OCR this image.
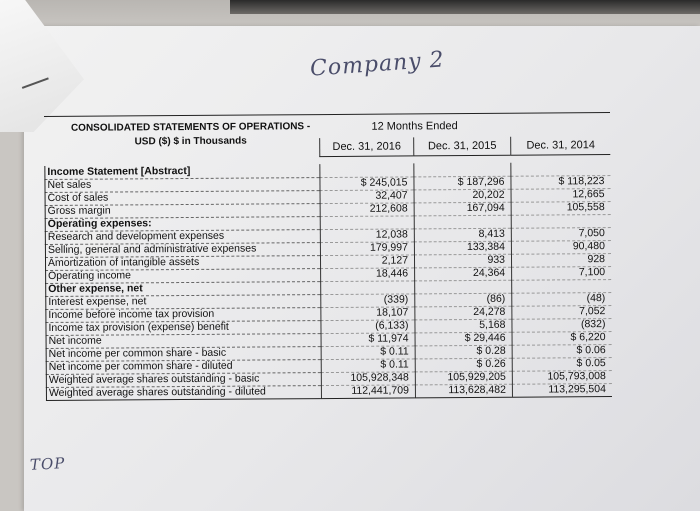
Company 2
CONSOLIDATED STATEMENTS OF OPERATIONS -
USD ($) $ in Thousands
12 Months Ended
Dec. 31, 2016	Dec. 31, 2015	Dec. 31, 2014
Income Statement [Abstract]
Net sales	$ 245,015	$ 187,296	$ 118,223
Cost of sales	32,407	20,202	12,665
Gross margin	212,608	167,094	105,558
Operating expenses:
Research and development expenses	12,038	8,413	7,050
Selling, general and administrative expenses	179,997	133,384	90,480
Amortization of intangible assets	2,127	933	928
Operating income	18,446	24,364	7,100
Other expense, net
Interest expense, net	(339)	(86)	(48)
Income before income tax provision	18,107	24,278	7,052
Income tax provision (expense) benefit	(6,133)	5,168	(832)
Net income	$ 11,974	$ 29,446	$ 6,220
Net income per common share - basic	$ 0.11	$ 0.28	$ 0.06
Net income per common share - diluted	$ 0.11	$ 0.26	$ 0.05
Weighted average shares outstanding - basic	105,928,348	105,929,205	105,793,008
Weighted average shares outstanding - diluted	112,441,709	113,628,482	113,295,504
TOP
